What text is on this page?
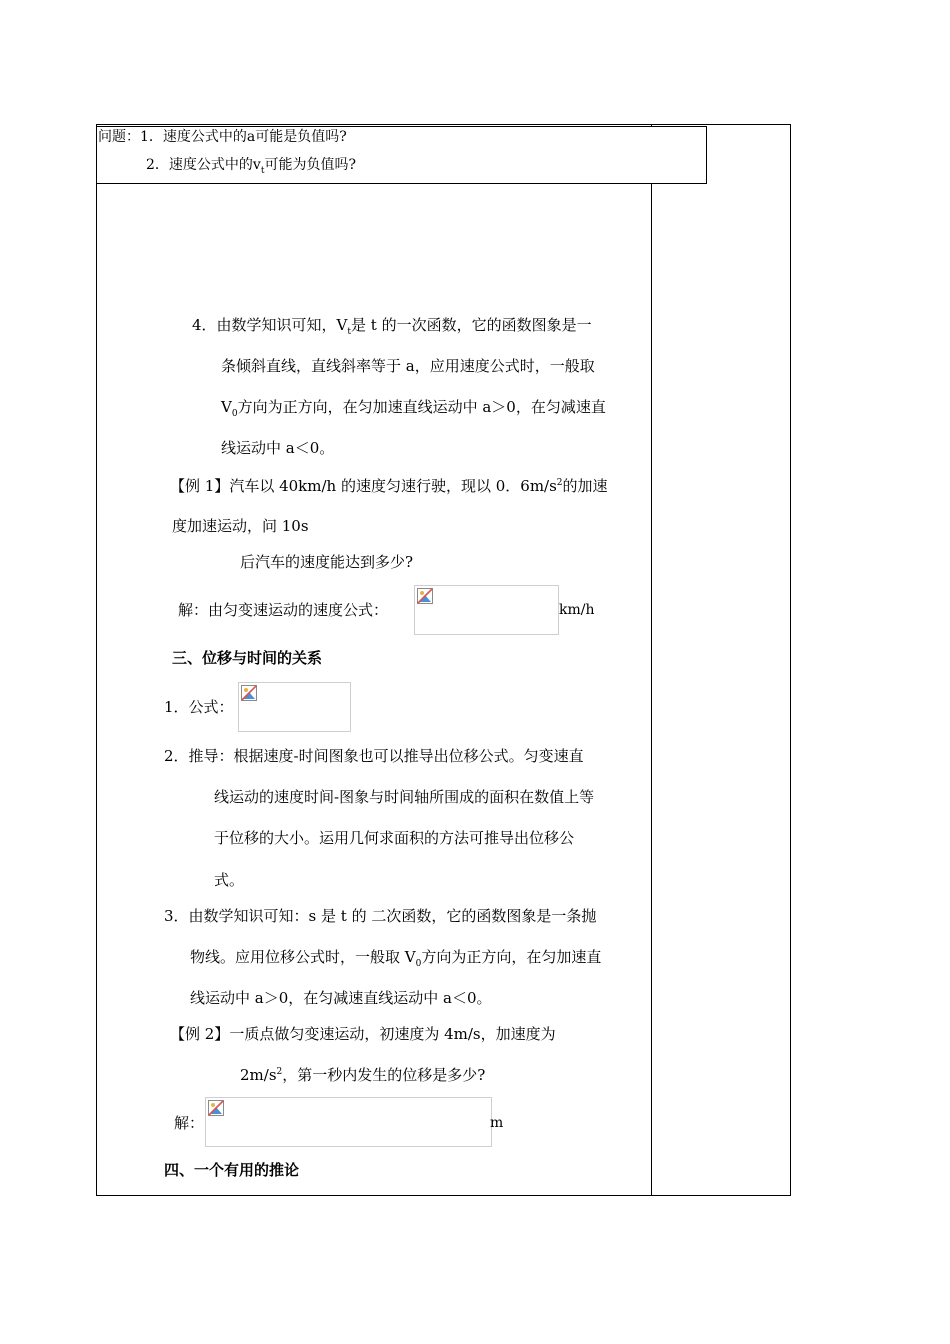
问题：1．速度公式中的a可能是负值吗?
2．速度公式中的$v_t$可能为负值吗?
4．由数学知识可知，$V_t$是 t 的一次函数，它的函数图象是一
条倾斜直线，直线斜率等于 a，应用速度公式时，一般取
$V_0$方向为正方向，在匀加速直线运动中 a＞0，在匀减速直
线运动中 a＜0。
【例 1】汽车以 40km/h 的速度匀速行驶，现以 0．$6m/s^2$的加速
度加速运动，问 10s
后汽车的速度能达到多少?
解：由匀变速运动的速度公式：	km/h
三、位移与时间的关系
1．公式：
2．推导：根据速度-时间图象也可以推导出位移公式。匀变速直
线运动的速度时间-图象与时间轴所围成的面积在数值上等
于位移的大小。运用几何求面积的方法可推导出位移公
式。
3．由数学知识可知：s 是 t 的 二次函数，它的函数图象是一条抛
物线。应用位移公式时，一般取 $V_0$方向为正方向，在匀加速直
线运动中 a＞0，在匀减速直线运动中 a＜0。
【例 2】一质点做匀变速运动，初速度为 4m/s，加速度为
$2m/s^2$，第一秒内发生的位移是多少?
解：	m
四、一个有用的推论
